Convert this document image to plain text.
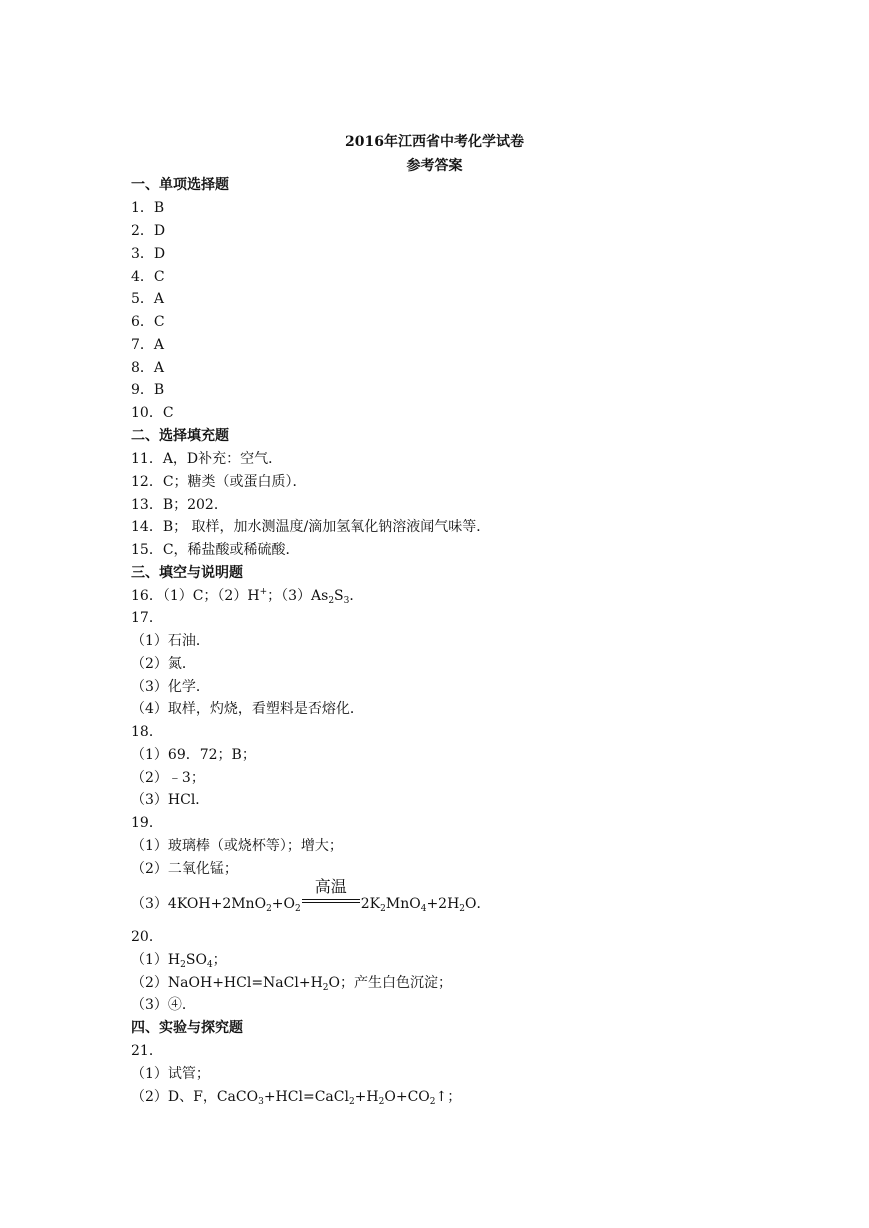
2016年江西省中考化学试卷
参考答案
一、单项选择题
1．B
2．D
3．D
4．C
5．A
6．C
7．A
8．A
9．B
10．C
二、选择填充题
11．A，D补充：空气．
12．C；糖类（或蛋白质）．
13．B；202．
14．B； 取样，加水测温度/滴加氢氧化钠溶液闻气味等．
15．C，稀盐酸或稀硫酸．
三、填空与说明题
16．（1）C；（2）H+；$(3)As_2S_3$．
17．
（1）石油．
（2）氮．
（3）化学．
（4）取样，灼烧，看塑料是否熔化．
18．
（1）69．72；B；
（2）﹣3；
（3）HCl．
19．
（1）玻璃棒（或烧杯等）；增大；
（2）二氧化锰；
$(3)4KOH+2MnO_2+O_2$
高温
$2K_2MnO_4+2H_2O$．
20．
$(1)H_2SO_4$；
$(2)NaOH+HCl=NaCl+H_2O$；产生白色沉淀；
（3）④．
四、实验与探究题
21．
（1）试管；
（2）D、F，$CaCO_3+HCl=CaCl_2+H_2O+CO_2↑$；
